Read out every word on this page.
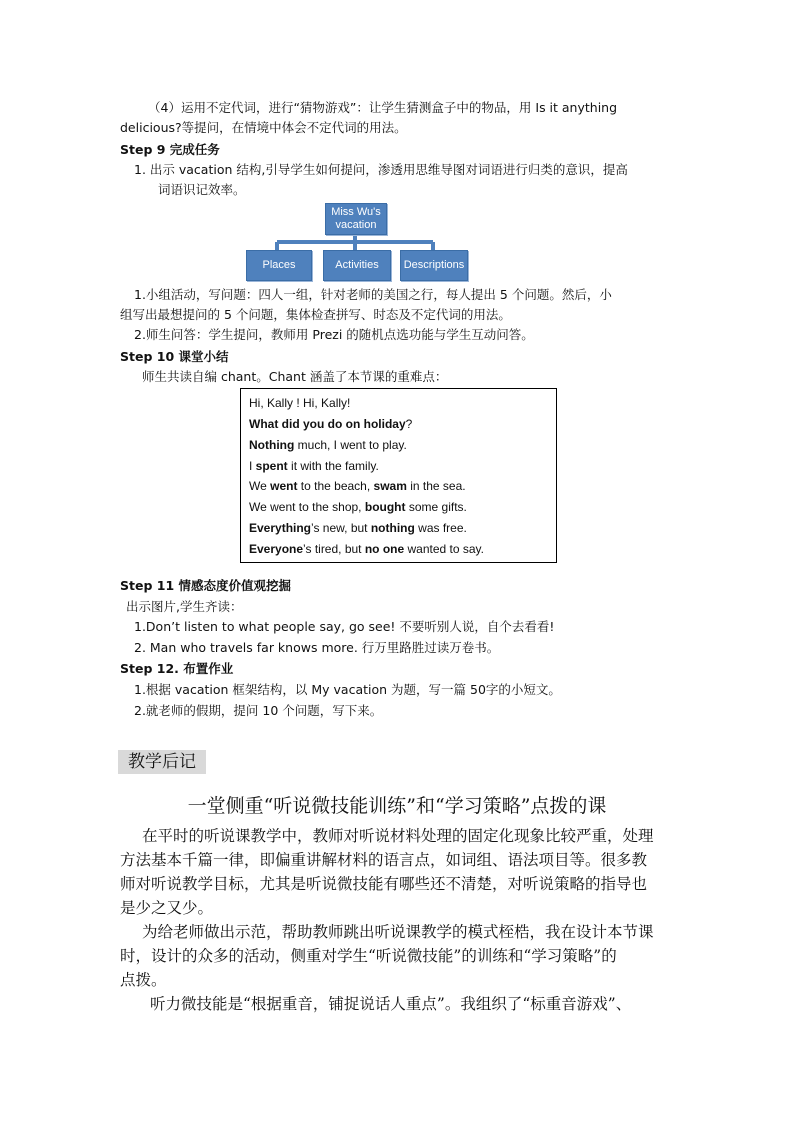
（4）运用不定代词，进行“猜物游戏”：让学生猜测盒子中的物品，用 Is it anything
delicious?等提问，在情境中体会不定代词的用法。
Step 9 完成任务
1. 出示 vacation 结构,引导学生如何提问，渗透用思维导图对词语进行归类的意识，提高
词语识记效率。
Miss Wu's vacation
Places	Activities	Descriptions
1.小组活动，写问题：四人一组，针对老师的美国之行，每人提出 5 个问题。然后，小
组写出最想提问的 5 个问题，集体检查拼写、时态及不定代词的用法。
2.师生问答：学生提问，教师用 Prezi 的随机点选功能与学生互动问答。
Step 10 课堂小结
师生共读自编 chant。Chant 涵盖了本节课的重难点：
Hi, Kally ! Hi, Kally!
What did you do on holiday?
Nothing much, I went to play.
I spent it with the family.
We went to the beach, swam in the sea.
We went to the shop, bought some gifts.
Everything’s new, but nothing was free.
Everyone’s tired, but no one wanted to say.
Step 11 情感态度价值观挖掘
出示图片,学生齐读：
1.Don’t listen to what people say, go see! 不要听别人说，自个去看看!
2. Man who travels far knows more. 行万里路胜过读万卷书。
Step 12. 布置作业
1.根据 vacation 框架结构，以 My vacation 为题，写一篇 50字的小短文。
2.就老师的假期，提问 10 个问题，写下来。
教学后记
一堂侧重“听说微技能训练”和“学习策略”点拨的课
在平时的听说课教学中，教师对听说材料处理的固定化现象比较严重，处理
方法基本千篇一律，即偏重讲解材料的语言点，如词组、语法项目等。很多教
师对听说教学目标，尤其是听说微技能有哪些还不清楚，对听说策略的指导也
是少之又少。
为给老师做出示范，帮助教师跳出听说课教学的模式桎梏，我在设计本节课
时，设计的众多的活动，侧重对学生“听说微技能”的训练和“学习策略”的
点拨。
听力微技能是“根据重音，铺捉说话人重点”。我组织了“标重音游戏”、
